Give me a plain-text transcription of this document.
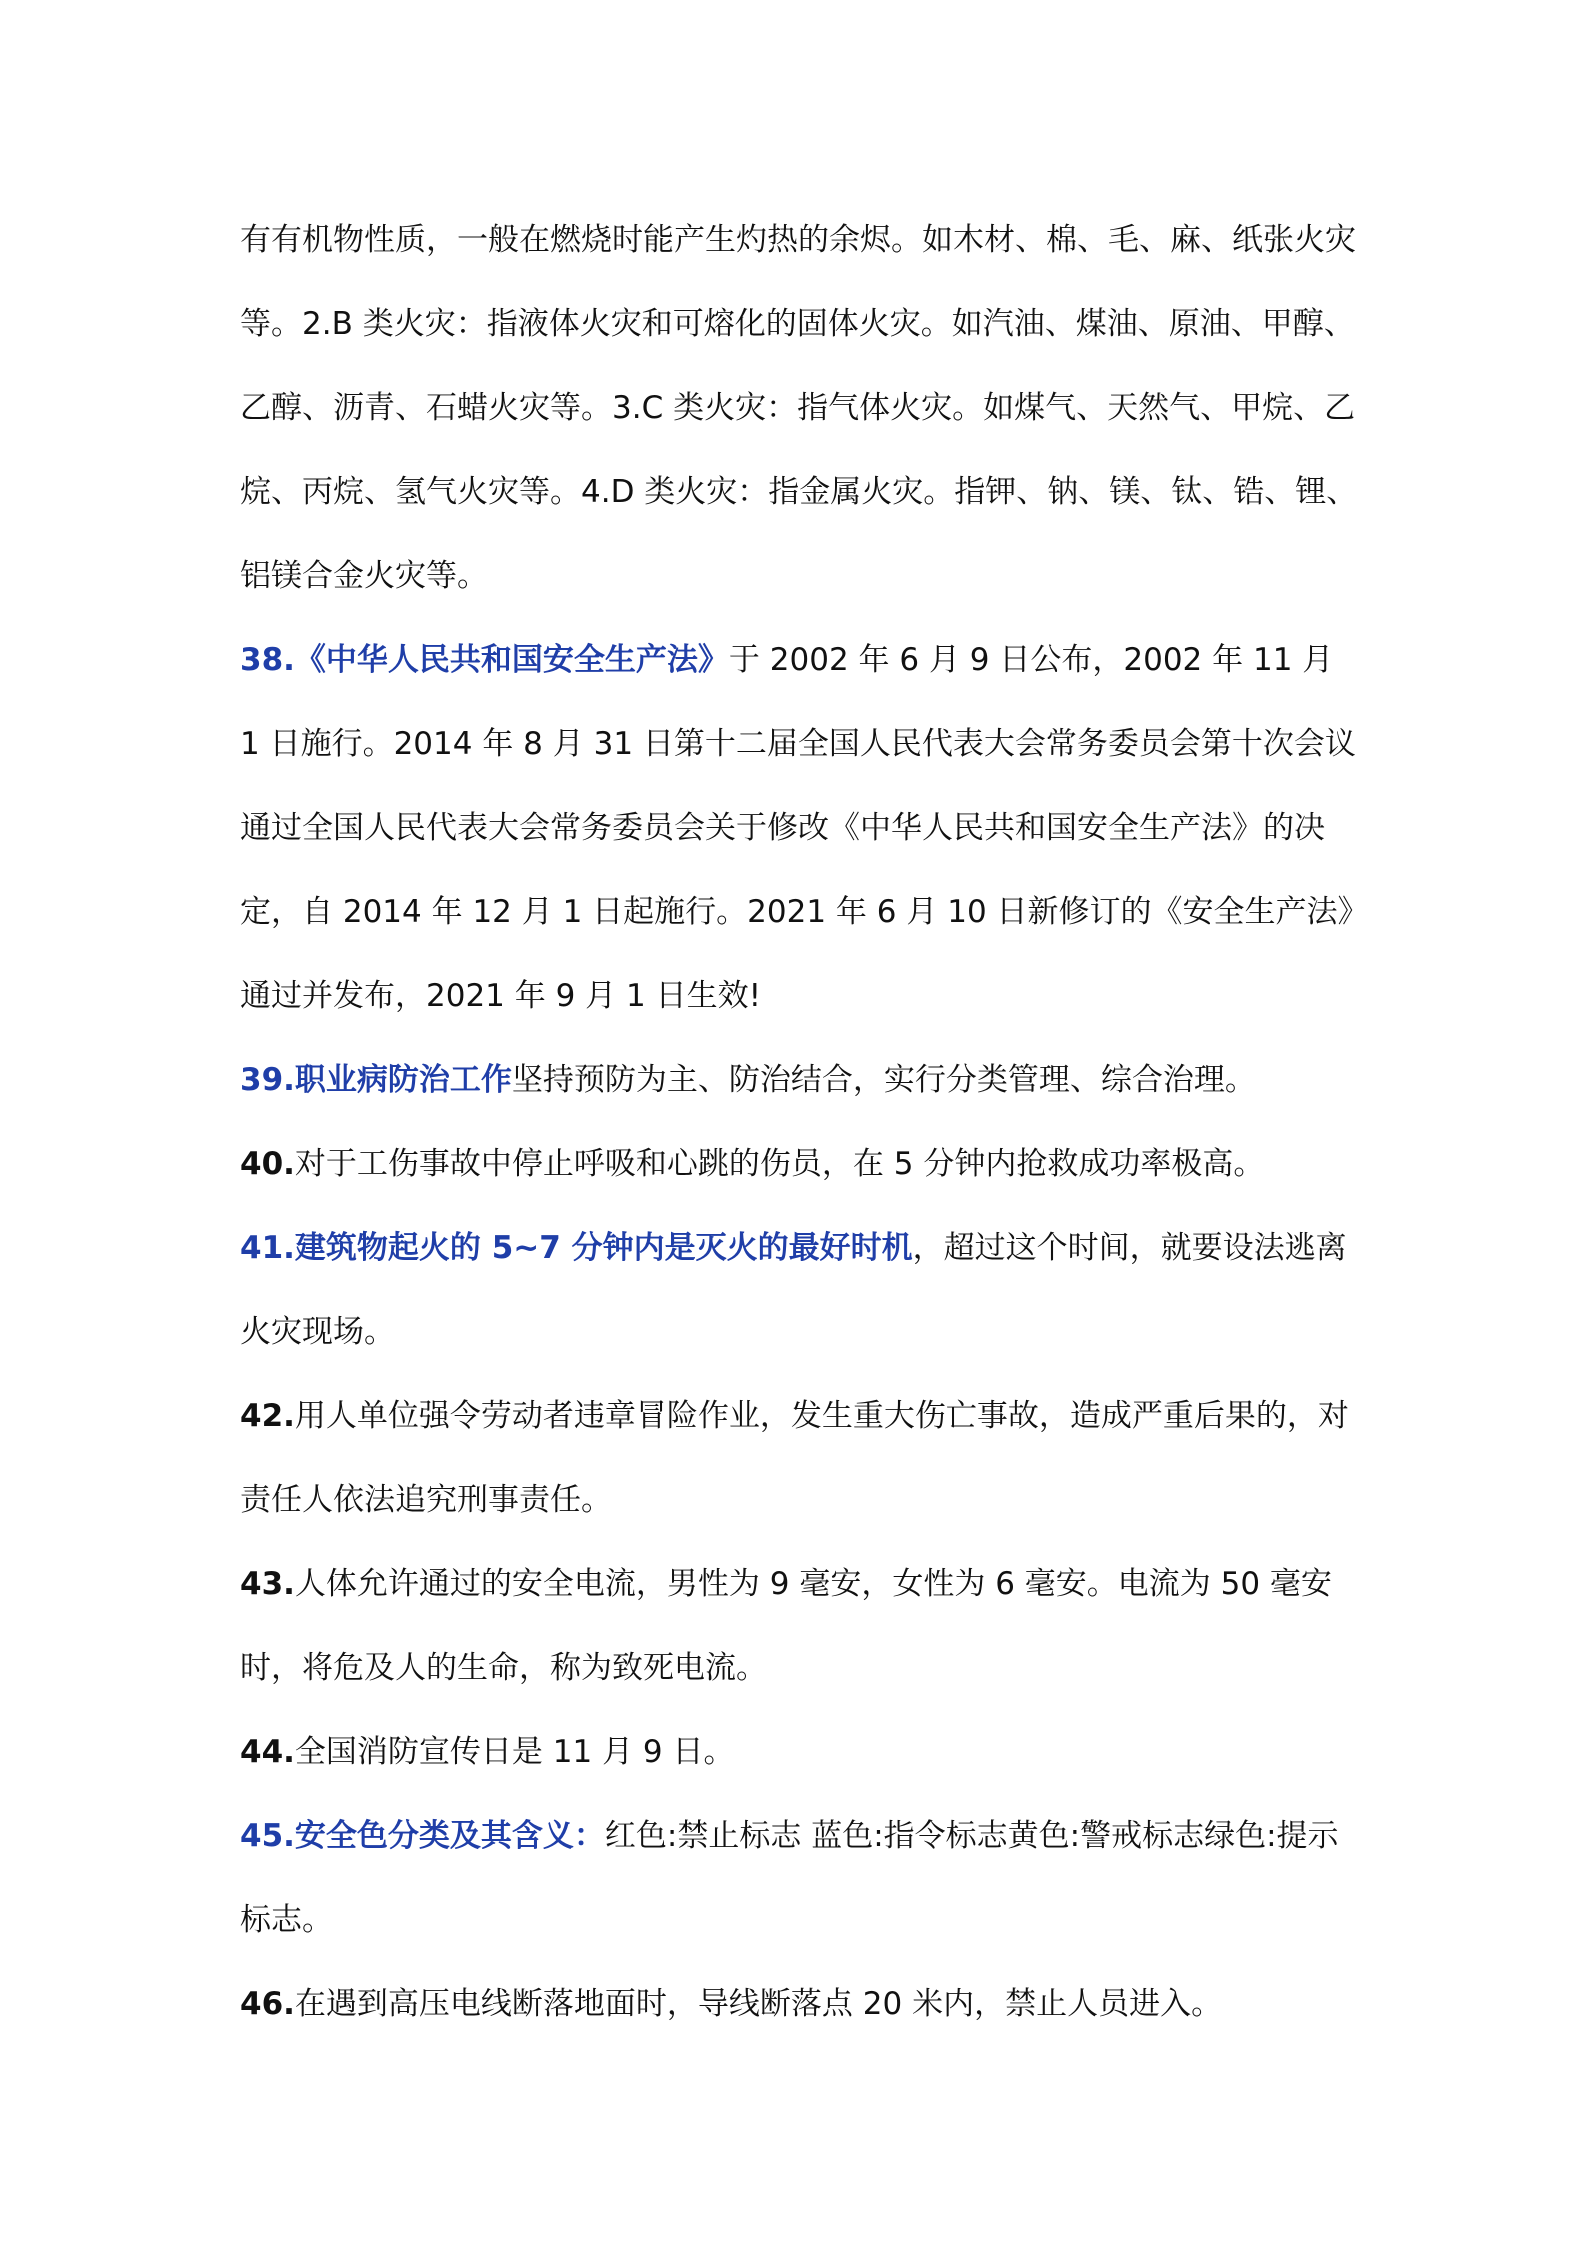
有有机物性质，一般在燃烧时能产生灼热的余烬。如木材、棉、毛、麻、纸张火灾等。2.B 类火灾：指液体火灾和可熔化的固体火灾。如汽油、煤油、原油、甲醇、乙醇、沥青、石蜡火灾等。3.C 类火灾：指气体火灾。如煤气、天然气、甲烷、乙烷、丙烷、氢气火灾等。4.D 类火灾：指金属火灾。指钾、钠、镁、钛、锆、锂、铝镁合金火灾等。

38.《中华人民共和国安全生产法》于 2002 年 6 月 9 日公布，2002 年 11 月 1 日施行。2014 年 8 月 31 日第十二届全国人民代表大会常务委员会第十次会议通过全国人民代表大会常务委员会关于修改《中华人民共和国安全生产法》的决定，自 2014 年 12 月 1 日起施行。2021 年 6 月 10 日新修订的《安全生产法》通过并发布，2021 年 9 月 1 日生效!

39.职业病防治工作坚持预防为主、防治结合，实行分类管理、综合治理。

40.对于工伤事故中停止呼吸和心跳的伤员，在 5 分钟内抢救成功率极高。

41.建筑物起火的 5~7 分钟内是灭火的最好时机，超过这个时间，就要设法逃离火灾现场。

42.用人单位强令劳动者违章冒险作业，发生重大伤亡事故，造成严重后果的，对责任人依法追究刑事责任。

43.人体允许通过的安全电流，男性为 9 毫安，女性为 6 毫安。电流为 50 毫安时，将危及人的生命，称为致死电流。

44.全国消防宣传日是 11 月 9 日。

45.安全色分类及其含义：红色:禁止标志 蓝色:指令标志黄色:警戒标志绿色:提示标志。

46.在遇到高压电线断落地面时，导线断落点 20 米内，禁止人员进入。
